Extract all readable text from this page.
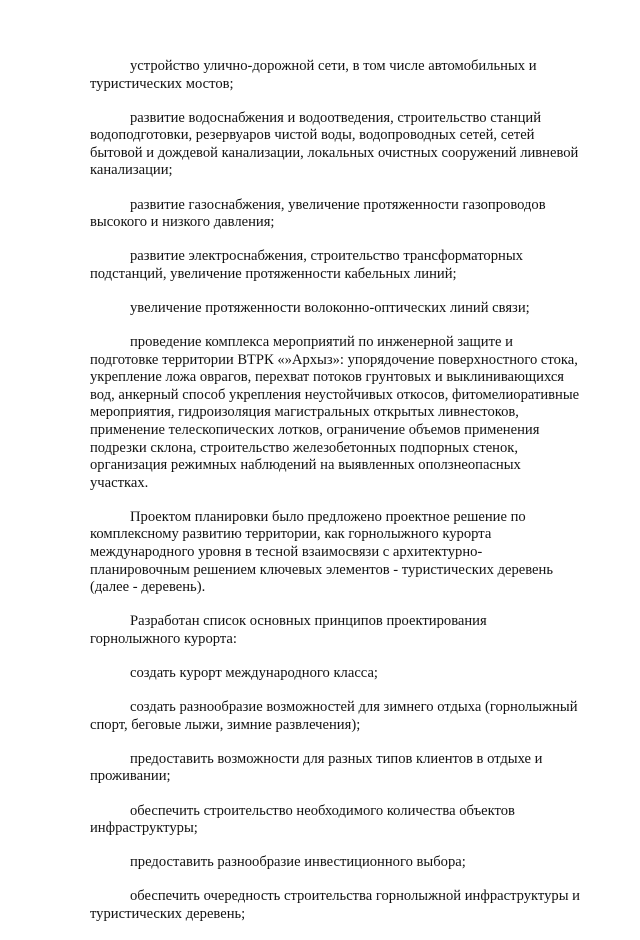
устройство улично-дорожной сети, в том числе автомобильных и туристических мостов;

развитие водоснабжения и водоотведения, строительство станций водоподготовки, резервуаров чистой воды, водопроводных сетей, сетей бытовой и дождевой канализации, локальных очистных сооружений ливневой канализации;

развитие газоснабжения, увеличение протяженности газопроводов высокого и низкого давления;

развитие электроснабжения, строительство трансформаторных подстанций, увеличение протяженности кабельных линий;

увеличение протяженности волоконно-оптических линий связи;

проведение комплекса мероприятий по инженерной защите и подготовке территории ВТРК «»Архыз»: упорядочение поверхностного стока, укрепление ложа оврагов, перехват потоков грунтовых и выклинивающихся вод, анкерный способ укрепления неустойчивых откосов, фитомелиоративные мероприятия, гидроизоляция магистральных открытых ливнестоков, применение телескопических лотков, ограничение объемов применения подрезки склона, строительство железобетонных подпорных стенок, организация режимных наблюдений на выявленных оползнеопасных участках.

Проектом планировки было предложено проектное решение по комплексному развитию территории, как горнолыжного курорта международного уровня в тесной взаимосвязи с архитектурно-планировочным решением ключевых элементов - туристических деревень (далее - деревень).

Разработан список основных принципов проектирования горнолыжного курорта:

создать курорт международного класса;

создать разнообразие возможностей для зимнего отдыха (горнолыжный спорт, беговые лыжи, зимние развлечения);

предоставить возможности для разных типов клиентов в отдыхе и проживании;

обеспечить строительство необходимого количества объектов инфраструктуры;

предоставить разнообразие инвестиционного выбора;

обеспечить очередность строительства горнолыжной инфраструктуры и туристических деревень;
